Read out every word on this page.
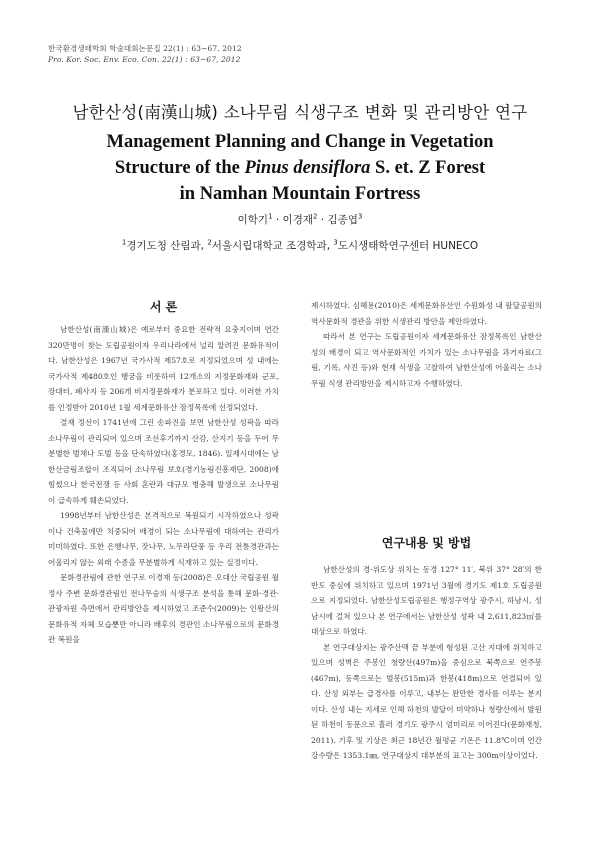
한국환경생태학회 학술대회논문집 22(1) : 63~67, 2012
Pro. Kor. Soc. Env. Eco. Con. 22(1) : 63~67, 2012
남한산성(南漢山城) 소나무림 식생구조 변화 및 관리방안 연구
Management Planning and Change in Vegetation
Structure of the Pinus densiflora S. et. Z Forest
in Namhan Mountain Fortress
이학기$^1$ · 이경재$^2$ · 김종엽$^3$
$^1$경기도청 산림과, $^2$서울시립대학교 조경학과, $^3$도시생태학연구센터 HUNECO
서 론

남한산성(南漢山城)은 예로부터 중요한 전략적 요충지이며 연간 320만명이 찾는 도립공원이자 우리나라에서 널리 알려진 문화유적이다. 남한산성은 1967년 국가사적 제57호로 지정되었으며 성 내에는 국가사적 제480호인 행궁을 비롯하여 12개소의 지정문화재와 군포, 장대터, 폐사지 등 206개 비지정문화재가 분포하고 있다. 이러한 가치를 인정받아 2010년 1월 세계문화유산 잠정목록에 선정되었다.

결재 정선이 1741년에 그린 송파진을 보면 남한산성 성곽을 따라 소나무림이 관리되어 있으며 조선후기까지 산감, 산지기 등을 두어 무분별한 벌채나 도벌 등을 단속하였다(홍경모, 1846). 일제시대에는 남한산금림조합이 조직되어 소나무림 보호(경기농림진흥재단, 2008)에 힘썼으나 한국전쟁 등 사회 혼란과 대규모 병충해 발생으로 소나무림이 급속하게 훼손되었다.

1998년부터 남한산성은 본격적으로 복원되기 시작하였으나 성곽이나 건축물에만 치중되어 배경이 되는 소나무림에 대하여는 관리가 미미하였다. 또한 은행나무, 잣나무, 노무라단풍 등 우리 전통경관과는 어울리지 않는 외래 수종을 무분별하게 식재하고 있는 실정이다.

문화경관림에 관한 연구로 이경재 등(2008)은 오대산 국립공원 월정사 주변 문화경관림인 전나무숲의 식생구조 분석을 통해 문화·경관·관광자원 측면에서 관리방안을 제시하였고 조준수(2009)는 인왕산의 문화유적 자체 모습뿐만 아니라 배후의 경관인 소나무림으로의 문화경관 복원을

제시하였다. 심혜용(2010)은 세계문화유산인 수원화성 내 팔달공원의 역사문화적 경관을 위한 식생관리 방안을 제안하였다.

따라서 본 연구는 도립공원이자 세계문화유산 잠정목록인 남한산성의 배경이 되고 역사문화적인 가치가 있는 소나무림을 과거자료(그림, 기록, 사진 등)와 현재 식생을 고찰하여 남한산성에 어울리는 소나무림 식생 관리방안을 제시하고자 수행하였다.

연구내용 및 방법

남한산성의 경·위도상 위치는 동경 127° 11′, 북위 37° 28′의 한반도 중심에 위치하고 있으며 1971년 3월에 경기도 제1호 도립공원으로 지정되었다. 남한산성도립공원은 행정구역상 광주시, 하남시, 성남시에 걸쳐 있으나 본 연구에서는 남한산성 성곽 내 2,611,823㎡를 대상으로 하였다.

본 연구대상지는 광주산맥 끝 부분에 형성된 고산 지대에 위치하고 있으며 성벽은 주봉인 청량산(497m)을 중심으로 북쪽으로 연주봉(467m), 동쪽으로는 벌봉(515m)과 한봉(418m)으로 연결되어 있다. 산성 외부는 급경사를 이루고, 내부는 완만한 경사를 이루는 분지이다. 산성 내는 지세로 인해 하천의 발달이 미약하나 청량산에서 발원된 하천이 동문으로 흘러 경기도 광주시 엄미리로 이어진다(문화재청, 2011). 기후 및 기상은 최근 18년간 월평균 기온은 11.8℃이며 연간 강수량은 1353.1㎜, 연구대상지 대부분의 표고는 300m이상이었다.
